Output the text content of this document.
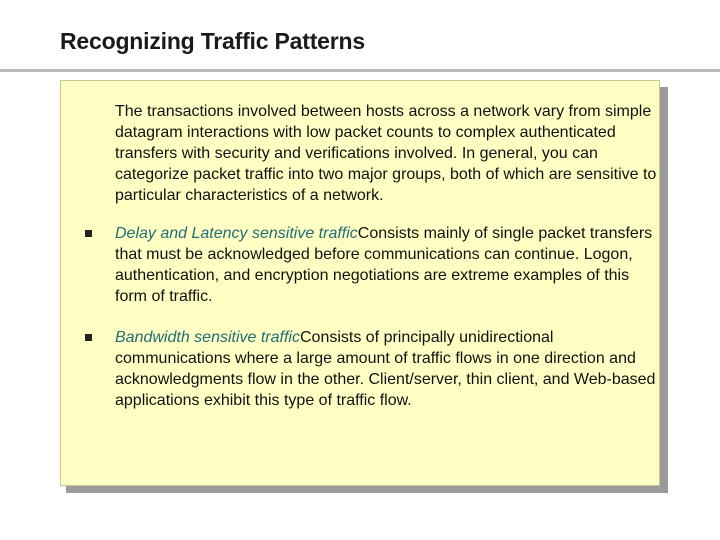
Recognizing Traffic Patterns

The transactions involved between hosts across a network vary from simple datagram interactions with low packet counts to complex authenticated transfers with security and verifications involved. In general, you can categorize packet traffic into two major groups, both of which are sensitive to particular characteristics of a network.

Delay and Latency sensitive trafficConsists mainly of single packet transfers that must be acknowledged before communications can continue. Logon, authentication, and encryption negotiations are extreme examples of this form of traffic.
Bandwidth sensitive trafficConsists of principally unidirectional communications where a large amount of traffic flows in one direction and acknowledgments flow in the other. Client/server, thin client, and Web-based applications exhibit this type of traffic flow.
